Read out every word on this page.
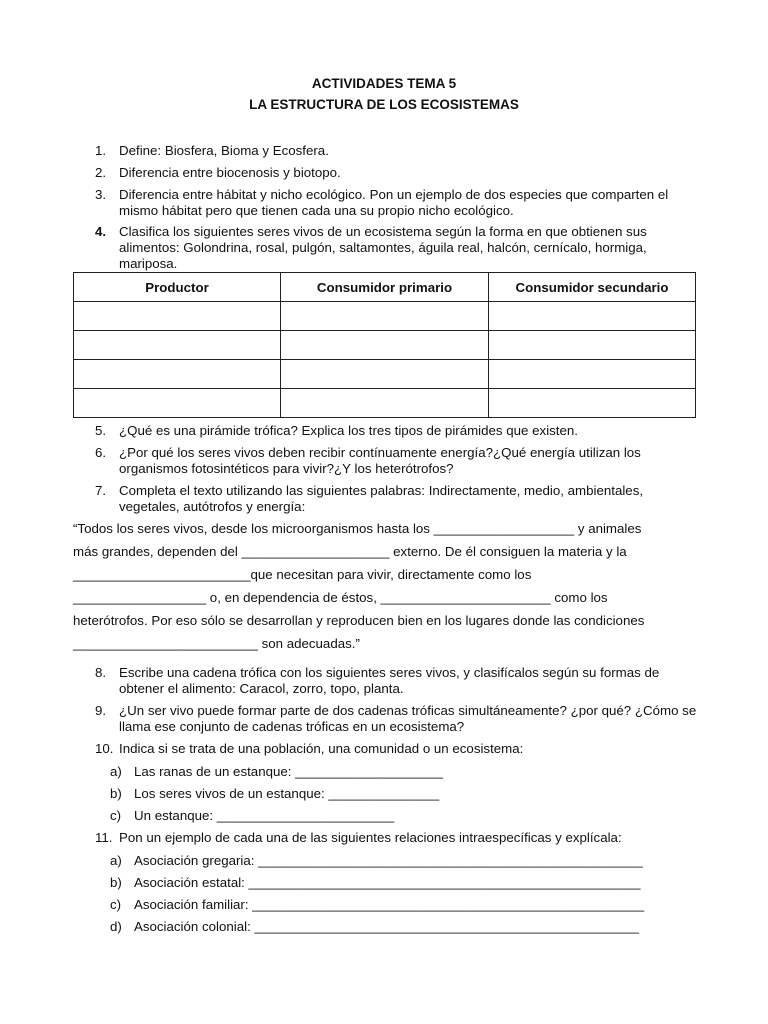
ACTIVIDADES TEMA 5
LA ESTRUCTURA DE LOS ECOSISTEMAS
1. Define: Biosfera, Bioma y Ecosfera.
2. Diferencia entre biocenosis y biotopo.
3. Diferencia entre hábitat y nicho ecológico. Pon un ejemplo de dos especies que comparten el mismo hábitat pero que tienen cada una su propio nicho ecológico.
4. Clasifica los siguientes seres vivos de un ecosistema según la forma en que obtienen sus alimentos: Golondrina, rosal, pulgón, saltamontes, águila real, halcón, cernícalo, hormiga, mariposa.
Productor	Consumidor primario	Consumidor secundario

5. ¿Qué es una pirámide trófica? Explica los tres tipos de pirámides que existen.
6. ¿Por qué los seres vivos deben recibir contínuamente energía?¿Qué energía utilizan los organismos fotosintéticos para vivir?¿Y los heterótrofos?
7. Completa el texto utilizando las siguientes palabras: Indirectamente, medio, ambientales, vegetales, autótrofos y energía:
“Todos los seres vivos, desde los microorganismos hasta los ___________________ y animales
más grandes, dependen del ____________________ externo. De él consiguen la materia y la
________________________que necesitan para vivir, directamente como los
__________________ o, en dependencia de éstos, _______________________ como los
heterótrofos. Por eso sólo se desarrollan y reproducen bien en los lugares donde las condiciones
_________________________ son adecuadas.”
8. Escribe una cadena trófica con los siguientes seres vivos, y clasifícalos según su formas de obtener el alimento: Caracol, zorro, topo, planta.
9. ¿Un ser vivo puede formar parte de dos cadenas tróficas simultáneamente? ¿por qué? ¿Cómo se llama ese conjunto de cadenas tróficas en un ecosistema?
10. Indica si se trata de una población, una comunidad o un ecosistema:
a) Las ranas de un estanque: ____________________
b) Los seres vivos de un estanque: _______________
c) Un estanque: ________________________
11. Pon un ejemplo de cada una de las siguientes relaciones intraespecíficas y explícala:
a) Asociación gregaria: ____________________________________________________
b) Asociación estatal: _____________________________________________________
c) Asociación familiar: _____________________________________________________
d) Asociación colonial: ____________________________________________________
